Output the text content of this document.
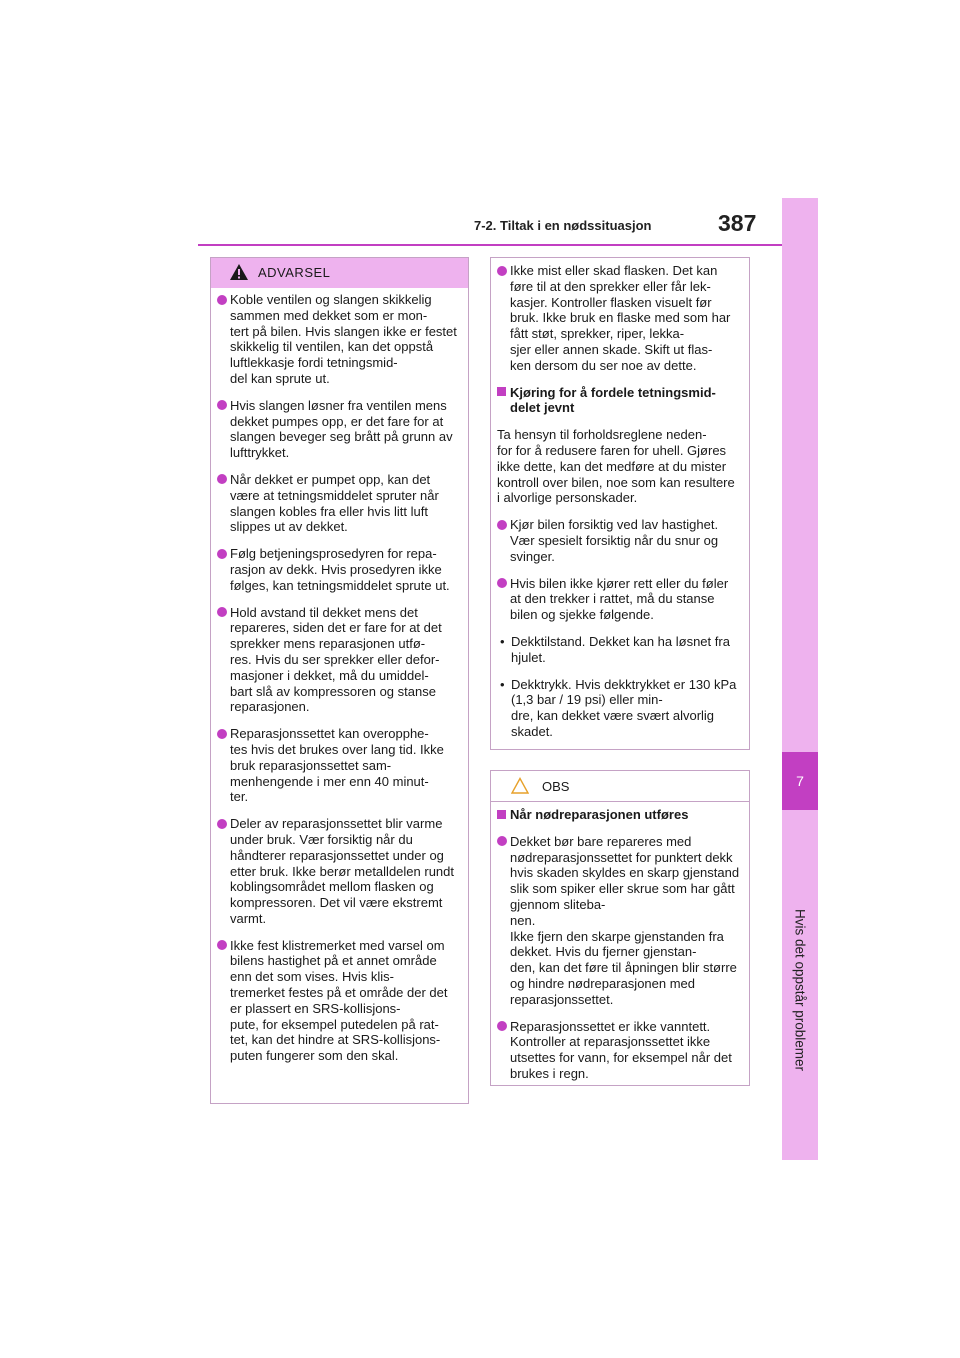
7-2. Tiltak i en nødssituasjon	387
7
Hvis det oppstår problemer
ADVARSEL
Koble ventilen og slangen skikkelig sammen med dekket som er mon-
tert på bilen. Hvis slangen ikke er festet skikkelig til ventilen, kan det oppstå luftlekkasje fordi tetningsmid-
del kan sprute ut.
Hvis slangen løsner fra ventilen mens dekket pumpes opp, er det fare for at slangen beveger seg brått på grunn av lufttrykket.
Når dekket er pumpet opp, kan det være at tetningsmiddelet spruter når slangen kobles fra eller hvis litt luft slippes ut av dekket.
Følg betjeningsprosedyren for repa-
rasjon av dekk. Hvis prosedyren ikke følges, kan tetningsmiddelet sprute ut.
Hold avstand til dekket mens det repareres, siden det er fare for at det sprekker mens reparasjonen utfø-
res. Hvis du ser sprekker eller defor-
masjoner i dekket, må du umiddel-
bart slå av kompressoren og stanse reparasjonen.
Reparasjonssettet kan overopphe-
tes hvis det brukes over lang tid. Ikke bruk reparasjonssettet sam-
menhengende i mer enn 40 minut-
ter.
Deler av reparasjonssettet blir varme under bruk. Vær forsiktig når du håndterer reparasjonssettet under og etter bruk. Ikke berør metalldelen rundt koblingsområdet mellom flasken og kompressoren. Det vil være ekstremt varmt.
Ikke fest klistremerket med varsel om bilens hastighet på et annet område enn det som vises. Hvis klis-
tremerket festes på et område der det er plassert en SRS-kollisjons-
pute, for eksempel putedelen på rat-
tet, kan det hindre at SRS-kollisjons-
puten fungerer som den skal.
Ikke mist eller skad flasken. Det kan føre til at den sprekker eller får lek-
kasjer. Kontroller flasken visuelt før bruk. Ikke bruk en flaske med som har fått støt, sprekker, riper, lekka-
sjer eller annen skade. Skift ut flas-
ken dersom du ser noe av dette.
Kjøring for å fordele tetningsmid-
delet jevnt
Ta hensyn til forholdsreglene neden-
for for å redusere faren for uhell. Gjøres ikke dette, kan det medføre at du mister kontroll over bilen, noe som kan resultere i alvorlige personskader.
Kjør bilen forsiktig ved lav hastighet. Vær spesielt forsiktig når du snur og svinger.
Hvis bilen ikke kjører rett eller du føler at den trekker i rattet, må du stanse bilen og sjekke følgende.
• Dekktilstand. Dekket kan ha løsnet fra hjulet.
• Dekktrykk. Hvis dekktrykket er 130 kPa (1,3 bar / 19 psi) eller min-
dre, kan dekket være svært alvorlig skadet.
OBS
Når nødreparasjonen utføres
Dekket bør bare repareres med nødreparasjonssettet for punktert dekk hvis skaden skyldes en skarp gjenstand slik som spiker eller skrue som har gått gjennom sliteba-
nen.
Ikke fjern den skarpe gjenstanden fra dekket. Hvis du fjerner gjenstan-
den, kan det føre til åpningen blir større og hindre nødreparasjonen med reparasjonssettet.
Reparasjonssettet er ikke vanntett. Kontroller at reparasjonssettet ikke utsettes for vann, for eksempel når det brukes i regn.
